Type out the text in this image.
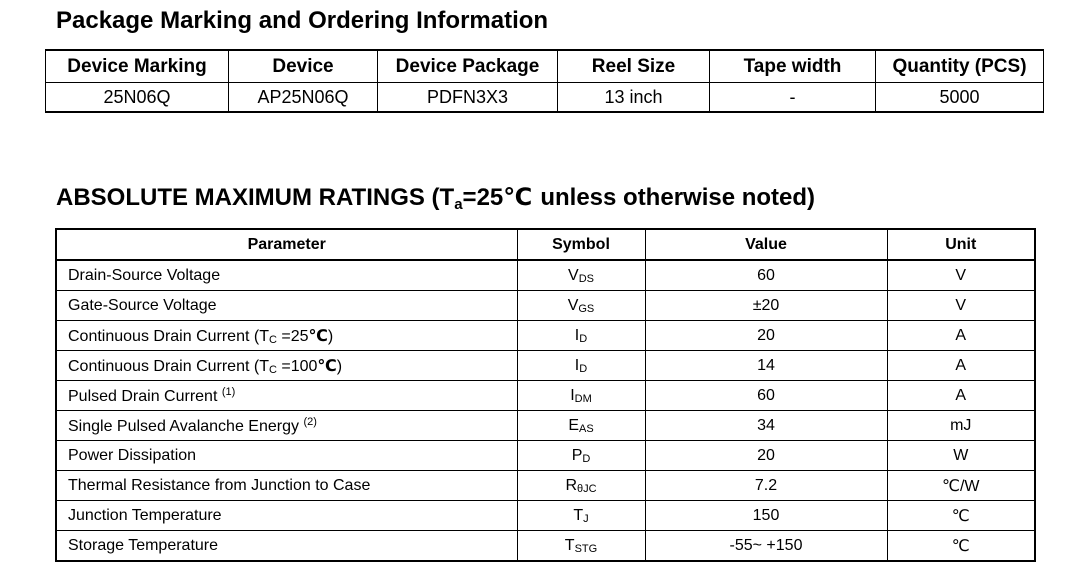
Package Marking and Ordering Information
Device Marking	Device	Device Package	Reel Size	Tape width	Quantity (PCS)
25N06Q	AP25N06Q	PDFN3X3	13 inch	-	5000
ABSOLUTE MAXIMUM RATINGS ($T_a=25℃$ unless otherwise noted)
Parameter	Symbol	Value	Unit
Drain-Source Voltage	VDS	60	V
Gate-Source Voltage	VGS	±20	V
Continuous Drain Current (TC =25℃)	ID	20	A
Continuous Drain Current (TC =100℃)	ID	14	A
Pulsed Drain Current $^{(1)}$	IDM	60	A
Single Pulsed Avalanche Energy $^{(2)}$	EAS	34	mJ
Power Dissipation	PD	20	W
Thermal Resistance from Junction to Case	RθJC	7.2	℃/W
Junction Temperature	TJ	150	℃
Storage Temperature	TSTG	-55~ +150	℃
